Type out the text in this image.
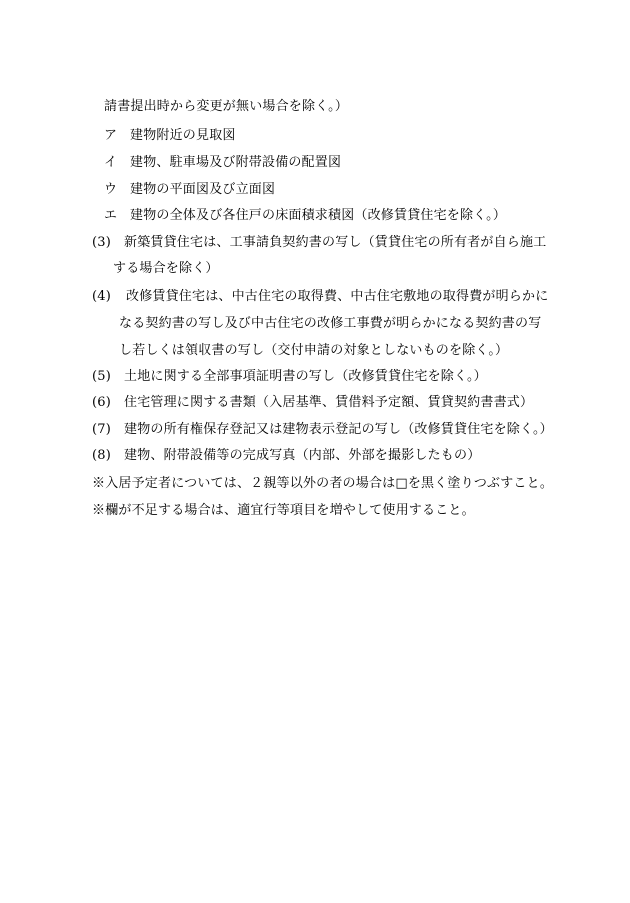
請書提出時から変更が無い場合を除く。）
ア 建物附近の見取図
イ 建物、駐車場及び附帯設備の配置図
ウ 建物の平面図及び立面図
エ 建物の全体及び各住戸の床面積求積図（改修賃貸住宅を除く。）
(3) 新築賃貸住宅は、工事請負契約書の写し（賃貸住宅の所有者が自ら施工
する場合を除く）
(4) 改修賃貸住宅は、中古住宅の取得費、中古住宅敷地の取得費が明らかに
なる契約書の写し及び中古住宅の改修工事費が明らかになる契約書の写
し若しくは領収書の写し（交付申請の対象としないものを除く。）
(5) 土地に関する全部事項証明書の写し（改修賃貸住宅を除く。）
(6) 住宅管理に関する書類（入居基準、賃借料予定額、賃貸契約書書式）
(7) 建物の所有権保存登記又は建物表示登記の写し（改修賃貸住宅を除く。）
(8) 建物、附帯設備等の完成写真（内部、外部を撮影したもの）
※入居予定者については、２親等以外の者の場合は□を黒く塗りつぶすこと。
※欄が不足する場合は、適宜行等項目を増やして使用すること。
